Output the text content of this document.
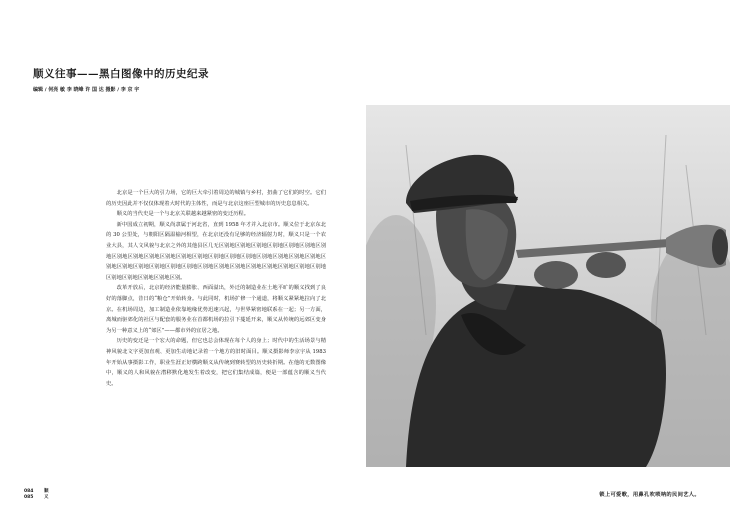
顺义往事——黑白图像中的历史纪录
编辑 / 何亮 敏 李 晓峰 许 国 达 摄影 / 李 京 宇

北京是一个巨大的引力场，它的巨大牵引着周边的城镇与乡村，扭曲了它们的时空。它们的历史因此并不仅仅体现着大时代的主体性，而是与北京这座巨型城市的历史息息相关。

顺义的当代史是一个与北京关联越来越紧密的变迁历程。

新中国成立初期，顺义尚隶属于河北省，直到 1958 年才并入北京市。顺义位于北京东北的 30 公里处，与朝阳区隔温榆河相望，在北京还没有足够的经济辐射力时，顺义只是一个农业大县，其人文风貌与北京之外的其他县区几无区别地区别地区别地区别地区别地区别地区别地区别地区别地区别地区别地区别地区别地区别地区别地区别地区别地区别地区别地区别地区别地区别地区别地区别地区别地区别地区别地区别地区别地区别地区别地区别地区别地区别地区别地区别地区别地区别地区别。

改革开放后，北京的经济能量膨胀、西面溢出，外迁的制造业在土地平旷的顺义找到了良好的落脚点，昔日的“粮仓”开始转身。与此同时，机场扩修一个通道，将顺义紧紧地拉向了北京。在机场周边，加工制造业依靠地缘优势迅速兴起，与世界紧密地联系在一起；另一方面，离城而驱郊化的社区与配套的服务业在首都机场的拉引下蔓延开来，顺义从传统的远郊区变身为另一种意义上的“郊区”——都市外的宜居之地。

历史的变迁是一个宏大的命题，但它也总会体现在每个人的身上；时代中的生活场景与精神风貌北文字更加直观、更加生动地记录着一个地方的旧时面目。顺义摄影师李京宇从 1983 年开始从事摄影工作，职业生涯正好横跨顺义从传统到赛转型的历史转折期。在他的无数图像中，顺义的人和风貌在潜移默化地发生着改变，把它们集结成篇，便是一部蕴含的顺义当代史。

锁上可爱歌，用鼻孔吹唢呐的民间艺人。
084
085
顺义
